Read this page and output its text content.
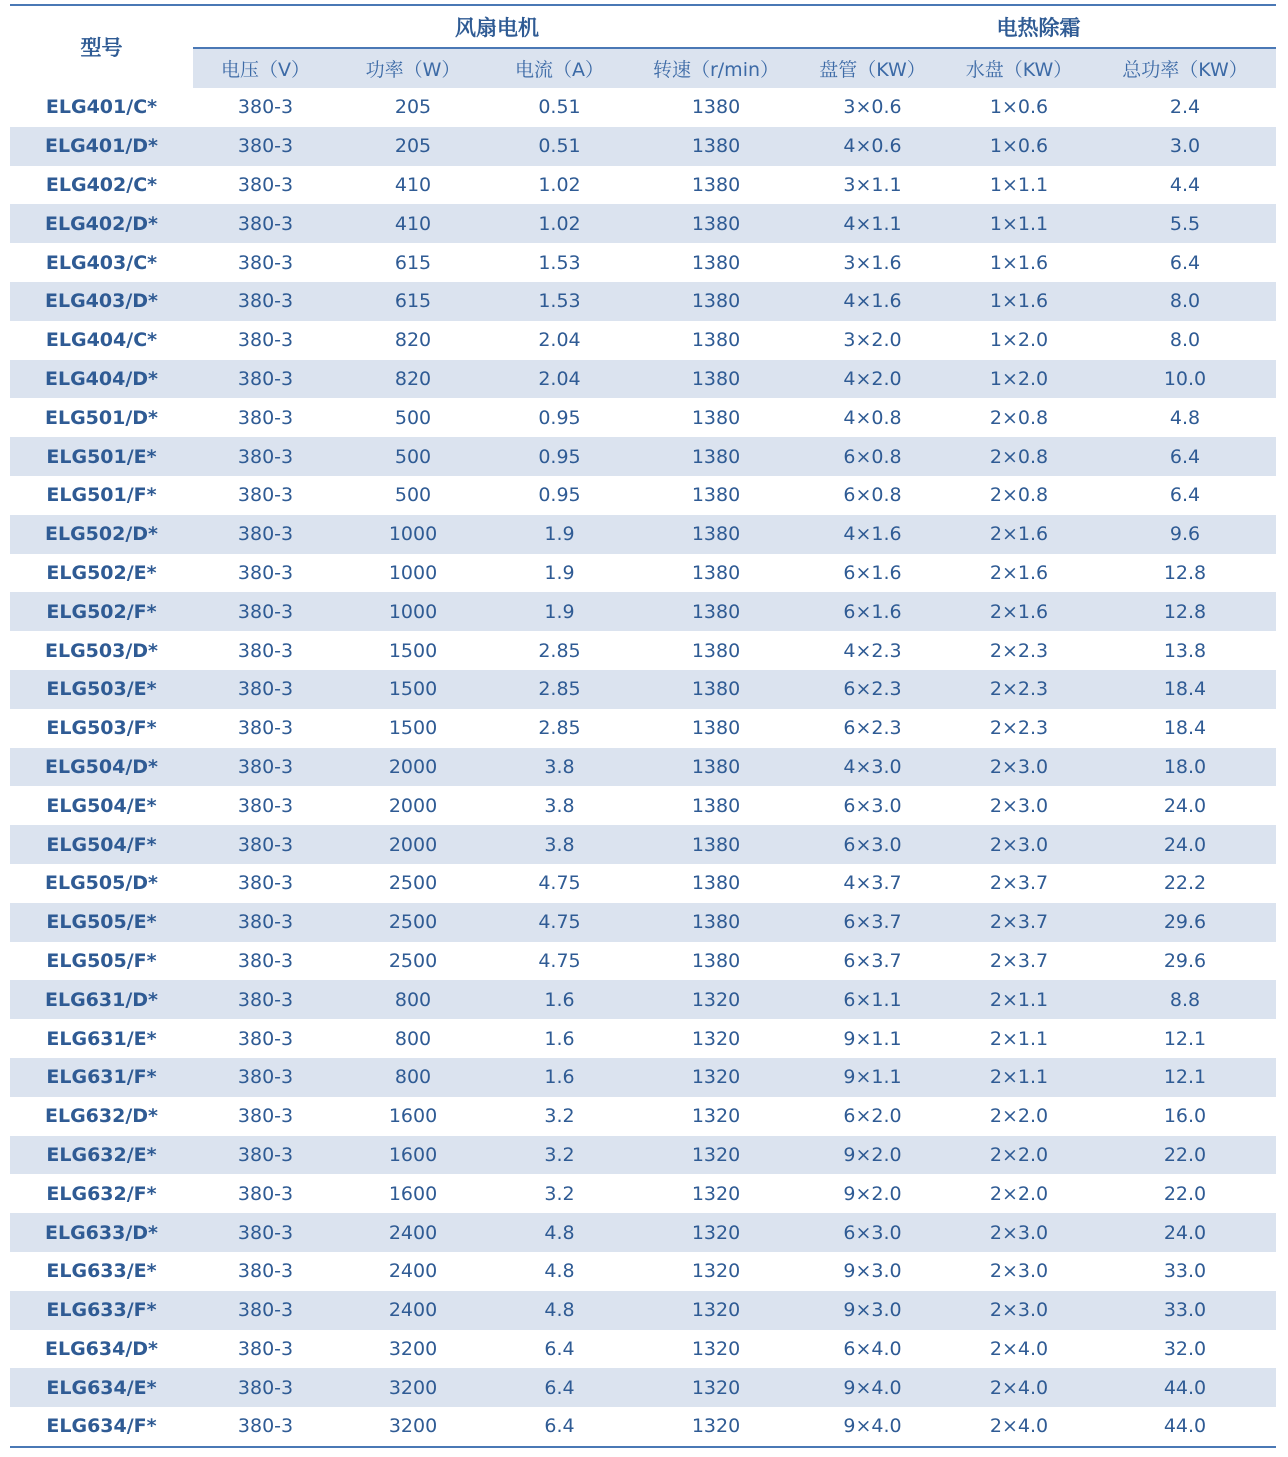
型号	风扇电机				电热除霜		
	电压（V）	功率（W）	电流（A）	转速（r/min）	盘管（KW）	水盘（KW）	总功率（KW）
ELG401/C*	380-3	205	0.51	1380	3×0.6	1×0.6	2.4
ELG401/D*	380-3	205	0.51	1380	4×0.6	1×0.6	3.0
ELG402/C*	380-3	410	1.02	1380	3×1.1	1×1.1	4.4
ELG402/D*	380-3	410	1.02	1380	4×1.1	1×1.1	5.5
ELG403/C*	380-3	615	1.53	1380	3×1.6	1×1.6	6.4
ELG403/D*	380-3	615	1.53	1380	4×1.6	1×1.6	8.0
ELG404/C*	380-3	820	2.04	1380	3×2.0	1×2.0	8.0
ELG404/D*	380-3	820	2.04	1380	4×2.0	1×2.0	10.0
ELG501/D*	380-3	500	0.95	1380	4×0.8	2×0.8	4.8
ELG501/E*	380-3	500	0.95	1380	6×0.8	2×0.8	6.4
ELG501/F*	380-3	500	0.95	1380	6×0.8	2×0.8	6.4
ELG502/D*	380-3	1000	1.9	1380	4×1.6	2×1.6	9.6
ELG502/E*	380-3	1000	1.9	1380	6×1.6	2×1.6	12.8
ELG502/F*	380-3	1000	1.9	1380	6×1.6	2×1.6	12.8
ELG503/D*	380-3	1500	2.85	1380	4×2.3	2×2.3	13.8
ELG503/E*	380-3	1500	2.85	1380	6×2.3	2×2.3	18.4
ELG503/F*	380-3	1500	2.85	1380	6×2.3	2×2.3	18.4
ELG504/D*	380-3	2000	3.8	1380	4×3.0	2×3.0	18.0
ELG504/E*	380-3	2000	3.8	1380	6×3.0	2×3.0	24.0
ELG504/F*	380-3	2000	3.8	1380	6×3.0	2×3.0	24.0
ELG505/D*	380-3	2500	4.75	1380	4×3.7	2×3.7	22.2
ELG505/E*	380-3	2500	4.75	1380	6×3.7	2×3.7	29.6
ELG505/F*	380-3	2500	4.75	1380	6×3.7	2×3.7	29.6
ELG631/D*	380-3	800	1.6	1320	6×1.1	2×1.1	8.8
ELG631/E*	380-3	800	1.6	1320	9×1.1	2×1.1	12.1
ELG631/F*	380-3	800	1.6	1320	9×1.1	2×1.1	12.1
ELG632/D*	380-3	1600	3.2	1320	6×2.0	2×2.0	16.0
ELG632/E*	380-3	1600	3.2	1320	9×2.0	2×2.0	22.0
ELG632/F*	380-3	1600	3.2	1320	9×2.0	2×2.0	22.0
ELG633/D*	380-3	2400	4.8	1320	6×3.0	2×3.0	24.0
ELG633/E*	380-3	2400	4.8	1320	9×3.0	2×3.0	33.0
ELG633/F*	380-3	2400	4.8	1320	9×3.0	2×3.0	33.0
ELG634/D*	380-3	3200	6.4	1320	6×4.0	2×4.0	32.0
ELG634/E*	380-3	3200	6.4	1320	9×4.0	2×4.0	44.0
ELG634/F*	380-3	3200	6.4	1320	9×4.0	2×4.0	44.0
